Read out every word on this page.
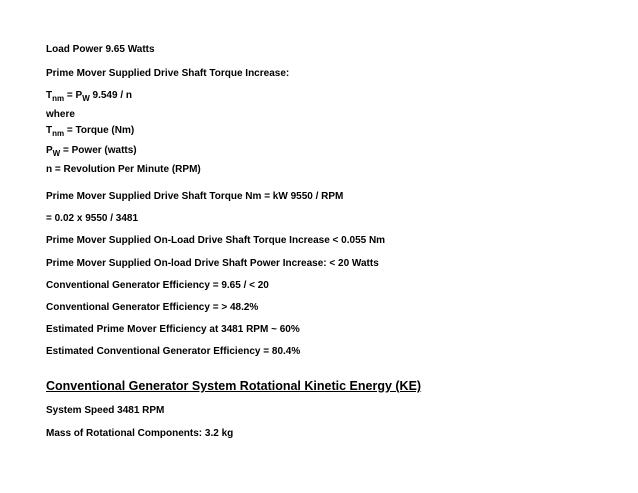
Load Power 9.65 Watts
Prime Mover Supplied Drive Shaft Torque Increase:
$T_{nm} = P_W$ 9.549 / n
where
$T_{nm}$ = Torque (Nm)
$P_W$ = Power (watts)
n = Revolution Per Minute (RPM)
Prime Mover Supplied Drive Shaft Torque Nm = kW 9550 / RPM
= 0.02 x 9550 / 3481
Prime Mover Supplied On-Load Drive Shaft Torque Increase < 0.055 Nm
Prime Mover Supplied On-load Drive Shaft Power Increase: < 20 Watts
Conventional Generator Efficiency = 9.65 / < 20
Conventional Generator Efficiency = > 48.2%
Estimated Prime Mover Efficiency at 3481 RPM ~ 60%
Estimated Conventional Generator Efficiency = 80.4%
Conventional Generator System Rotational Kinetic Energy (KE)
System Speed 3481 RPM
Mass of Rotational Components: 3.2 kg
